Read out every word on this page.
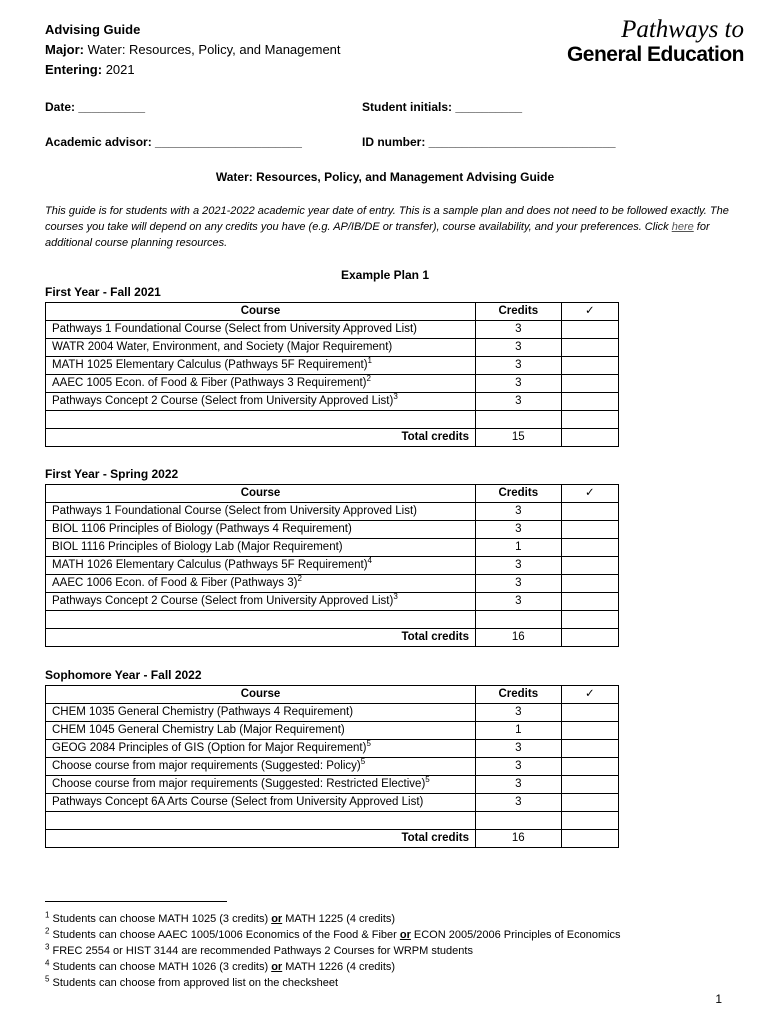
Advising Guide
Major: Water: Resources, Policy, and Management
Entering: 2021
Pathways to
General Education
Date: __________	Student initials: __________
Academic advisor: ______________________	ID number: ____________________________
Water: Resources, Policy, and Management Advising Guide
This guide is for students with a 2021-2022 academic year date of entry. This is a sample plan and does not need to be followed exactly. The courses you take will depend on any credits you have (e.g. AP/IB/DE or transfer), course availability, and your preferences. Click here for additional course planning resources.
Example Plan 1
First Year - Fall 2021
Course	Credits	✓
Pathways 1 Foundational Course (Select from University Approved List)	3	
WATR 2004 Water, Environment, and Society (Major Requirement)	3	
MATH 1025 Elementary Calculus (Pathways 5F Requirement)$^1$	3	
AAEC 1005 Econ. of Food & Fiber (Pathways 3 Requirement)$^2$	3	
Pathways Concept 2 Course (Select from University Approved List)$^3$	3	

Total credits	15	
First Year - Spring 2022
Course	Credits	✓
Pathways 1 Foundational Course (Select from University Approved List)	3	
BIOL 1106 Principles of Biology (Pathways 4 Requirement)	3	
BIOL 1116 Principles of Biology Lab (Major Requirement)	1	
MATH 1026 Elementary Calculus (Pathways 5F Requirement)$^4$	3	
AAEC 1006 Econ. of Food & Fiber (Pathways 3)$^2$	3	
Pathways Concept 2 Course (Select from University Approved List)$^3$	3	

Total credits	16	
Sophomore Year - Fall 2022
Course	Credits	✓
CHEM 1035 General Chemistry (Pathways 4 Requirement)	3	
CHEM 1045 General Chemistry Lab (Major Requirement)	1	
GEOG 2084 Principles of GIS (Option for Major Requirement)$^5$	3	
Choose course from major requirements (Suggested: Policy)$^5$	3	
Choose course from major requirements (Suggested: Restricted Elective)$^5$	3	
Pathways Concept 6A Arts Course (Select from University Approved List)	3	

Total credits	16	
$^1$ Students can choose MATH 1025 (3 credits) or MATH 1225 (4 credits)
$^2$ Students can choose AAEC 1005/1006 Economics of the Food & Fiber or ECON 2005/2006 Principles of Economics
$^3$ FREC 2554 or HIST 3144 are recommended Pathways 2 Courses for WRPM students
$^4$ Students can choose MATH 1026 (3 credits) or MATH 1226 (4 credits)
$^5$ Students can choose from approved list on the checksheet
1
